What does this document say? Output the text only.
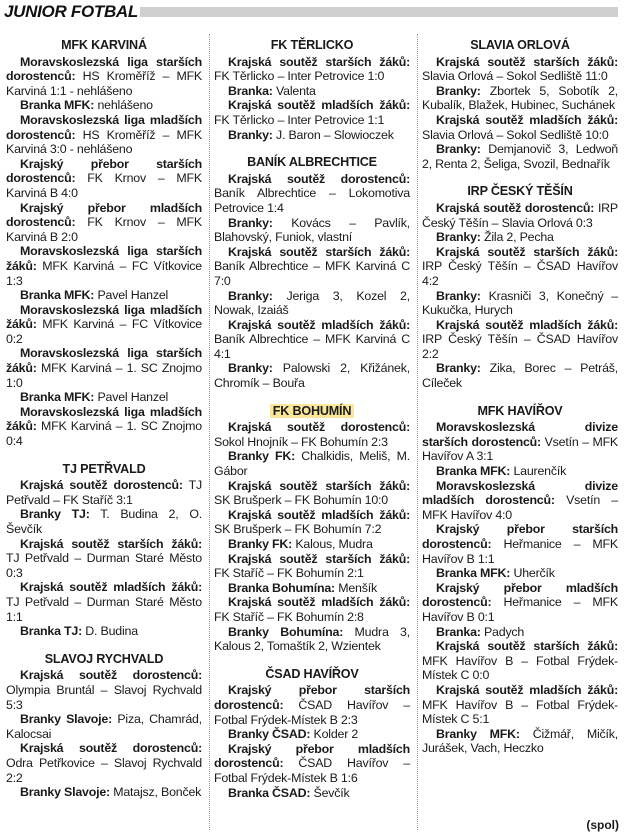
JUNIOR FOTBAL
MFK KARVINÁ

Moravskoslezská liga starších dorostenců: HS Kroměříž – MFK Karviná 1:1 - nehlášeno

Branka MFK: nehlášeno

Moravskoslezská liga mladších dorostenců: HS Kroměříž – MFK Karviná 3:0 - nehlášeno

Krajský přebor starších dorostenců: FK Krnov – MFK Karviná B 4:0

Krajský přebor mladších dorostenců: FK Krnov – MFK Karviná B 2:0

Moravskoslezská liga starších žáků: MFK Karviná – FC Vítkovice 1:3

Branka MFK: Pavel Hanzel

Moravskoslezská liga mladších žáků: MFK Karviná – FC Vítkovice 0:2

Moravskoslezská liga starších žáků: MFK Karviná – 1. SC Znojmo 1:0

Branka MFK: Pavel Hanzel

Moravskoslezská liga mladších žáků: MFK Karviná – 1. SC Znojmo 0:4

TJ PETŘVALD

Krajská soutěž dorostenců: TJ Petřvald – FK Staříč 3:1

Branky TJ: T. Budina 2, O. Ševčík

Krajská soutěž starších žáků: TJ Petřvald – Durman Staré Město 0:3

Krajská soutěž mladších žáků: TJ Petřvald – Durman Staré Město 1:1

Branka TJ: D. Budina

SLAVOJ RYCHVALD

Krajská soutěž dorostenců: Olympia Bruntál – Slavoj Rychvald 5:3

Branky Slavoje: Piza, Chamrád, Kalocsai

Krajská soutěž dorostenců: Odra Petřkovice – Slavoj Rychvald 2:2

Branky Slavoje: Matajsz, Bonček

FK TĚRLICKO

Krajská soutěž starších žáků: FK Těrlicko – Inter Petrovice 1:0

Branka: Valenta

Krajská soutěž mladších žáků: FK Těrlicko – Inter Petrovice 1:1

Branky: J. Baron – Slowioczek

BANÍK ALBRECHTICE

Krajská soutěž dorostenců: Baník Albrechtice – Lokomotiva Petrovice 1:4

Branky: Kovács – Pavlík, Blahovský, Funiok, vlastní

Krajská soutěž starších žáků: Baník Albrechtice – MFK Karviná C 7:0

Branky: Jeriga 3, Kozel 2, Nowak, Izaiáš

Krajská soutěž mladších žáků: Baník Albrechtice – MFK Karviná C 4:1

Branky: Palowski 2, Křižánek, Chromík – Bouřa

FK BOHUMÍN

Krajská soutěž dorostenců: Sokol Hnojník – FK Bohumín 2:3

Branky FK: Chalkidis, Meliš, M. Gábor

Krajská soutěž starších žáků: SK Brušperk – FK Bohumín 10:0

Krajská soutěž mladších žáků: SK Brušperk – FK Bohumín 7:2

Branky FK: Kalous, Mudra

Krajská soutěž starších žáků: FK Staříč – FK Bohumín 2:1

Branka Bohumína: Menšík

Krajská soutěž mladších žáků: FK Staříč – FK Bohumín 2:8

Branky Bohumína: Mudra 3, Kalous 2, Tomaštík 2, Wzientek

ČSAD HAVÍŘOV

Krajský přebor starších dorostenců: ČSAD Havířov – Fotbal Frýdek-Místek B 2:3

Branky ČSAD: Kolder 2

Krajský přebor mladších dorostenců: ČSAD Havířov – Fotbal Frýdek-Místek B 1:6

Branka ČSAD: Ševčík

SLAVIA ORLOVÁ

Krajská soutěž starších žáků: Slavia Orlová – Sokol Sedliště 11:0

Branky: Zbortek 5, Sobotík 2, Kubalík, Blažek, Hubinec, Suchánek

Krajská soutěž mladších žáků: Slavia Orlová – Sokol Sedliště 10:0

Branky: Demjanovič 3, Ledwoň 2, Renta 2, Šeliga, Svozil, Bednařík

IRP ČESKÝ TĚŠÍN

Krajská soutěž dorostenců: IRP Český Těšín – Slavia Orlová 0:3

Branky: Žila 2, Pecha

Krajská soutěž starších žáků: IRP Český Těšín – ČSAD Havířov 4:2

Branky: Krasniči 3, Konečný – Kukučka, Hurych

Krajská soutěž mladších žáků: IRP Český Těšín – ČSAD Havířov 2:2

Branky: Zika, Borec – Petráš, Cíleček

MFK HAVÍŘOV

Moravskoslezská divize starších dorostenců: Vsetín – MFK Havířov A 3:1

Branka MFK: Laurenčík

Moravskoslezská divize mladších dorostenců: Vsetín – MFK Havířov 4:0

Krajský přebor starších dorostenců: Heřmanice – MFK Havířov B 1:1

Branka MFK: Uherčík

Krajský přebor mladších dorostenců: Heřmanice – MFK Havířov B 0:1

Branka: Padych

Krajská soutěž starších žáků: MFK Havířov B – Fotbal Frýdek-Místek C 0:0

Krajská soutěž mladších žáků: MFK Havířov B – Fotbal Frýdek-Místek C 5:1

Branky MFK: Čižmář, Mičík, Jurášek, Vach, Heczko

(spol)
